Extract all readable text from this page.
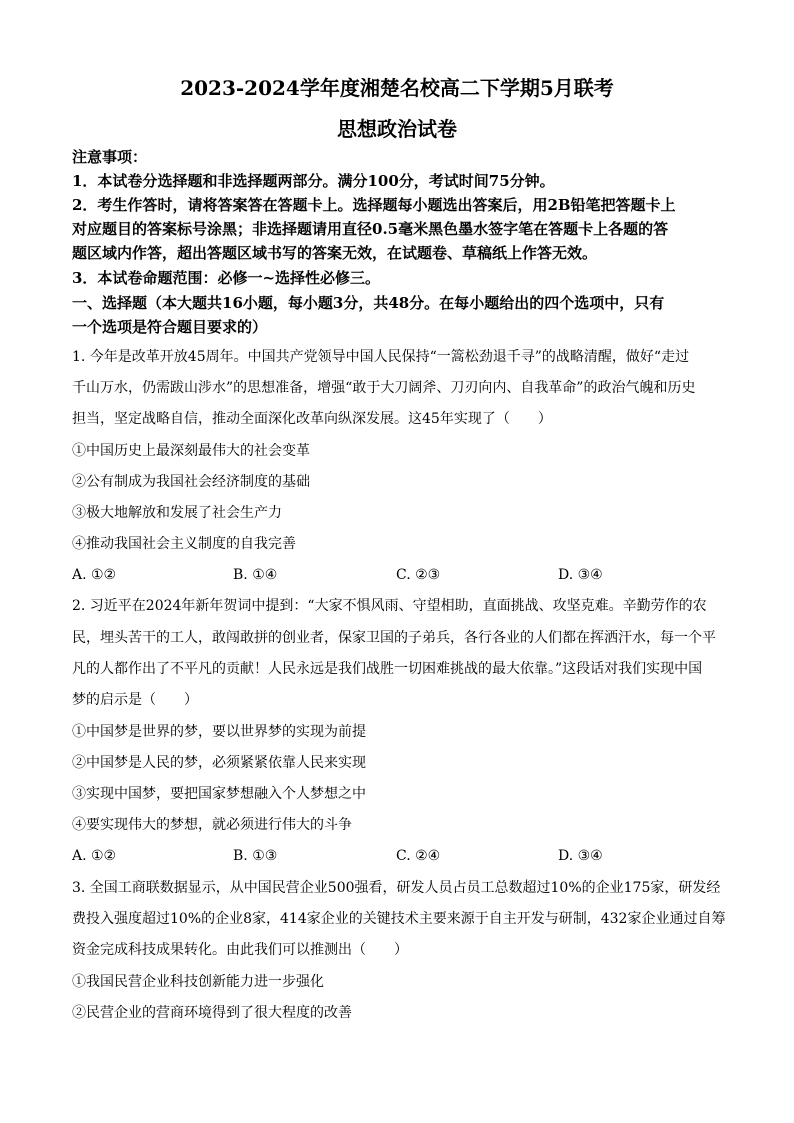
2023-2024学年度湘楚名校高二下学期5月联考
思想政治试卷
注意事项：
1．本试卷分选择题和非选择题两部分。满分100分，考试时间75分钟。
2．考生作答时，请将答案答在答题卡上。选择题每小题选出答案后，用2B铅笔把答题卡上
对应题目的答案标号涂黑；非选择题请用直径0.5毫米黑色墨水签字笔在答题卡上各题的答
题区域内作答，超出答题区域书写的答案无效，在试题卷、草稿纸上作答无效。
3．本试卷命题范围：必修一~选择性必修三。
一、选择题（本大题共16小题，每小题3分，共48分。在每小题给出的四个选项中，只有
一个选项是符合题目要求的）
1. 今年是改革开放45周年。中国共产党领导中国人民保持“一篙松劲退千寻”的战略清醒，做好“走过
千山万水，仍需跋山涉水”的思想准备，增强“敢于大刀阔斧、刀刃向内、自我革命”的政治气魄和历史
担当，坚定战略自信，推动全面深化改革向纵深发展。这45年实现了（　　）
①中国历史上最深刻最伟大的社会变革
②公有制成为我国社会经济制度的基础
③极大地解放和发展了社会生产力
④推动我国社会主义制度的自我完善
A. ①②	B. ①④	C. ②③	D. ③④
2. 习近平在2024年新年贺词中提到：“大家不惧风雨、守望相助，直面挑战、攻坚克难。辛勤劳作的农
民，埋头苦干的工人，敢闯敢拼的创业者，保家卫国的子弟兵，各行各业的人们都在挥洒汗水，每一个平
凡的人都作出了不平凡的贡献！人民永远是我们战胜一切困难挑战的最大依靠。”这段话对我们实现中国
梦的启示是（　　）
①中国梦是世界的梦，要以世界梦的实现为前提
②中国梦是人民的梦，必须紧紧依靠人民来实现
③实现中国梦，要把国家梦想融入个人梦想之中
④要实现伟大的梦想，就必须进行伟大的斗争
A. ①②	B. ①③	C. ②④	D. ③④
3. 全国工商联数据显示，从中国民营企业500强看，研发人员占员工总数超过10%的企业175家，研发经
费投入强度超过10%的企业8家，414家企业的关键技术主要来源于自主开发与研制，432家企业通过自筹
资金完成科技成果转化。由此我们可以推测出（　　）
①我国民营企业科技创新能力进一步强化
②民营企业的营商环境得到了很大程度的改善
